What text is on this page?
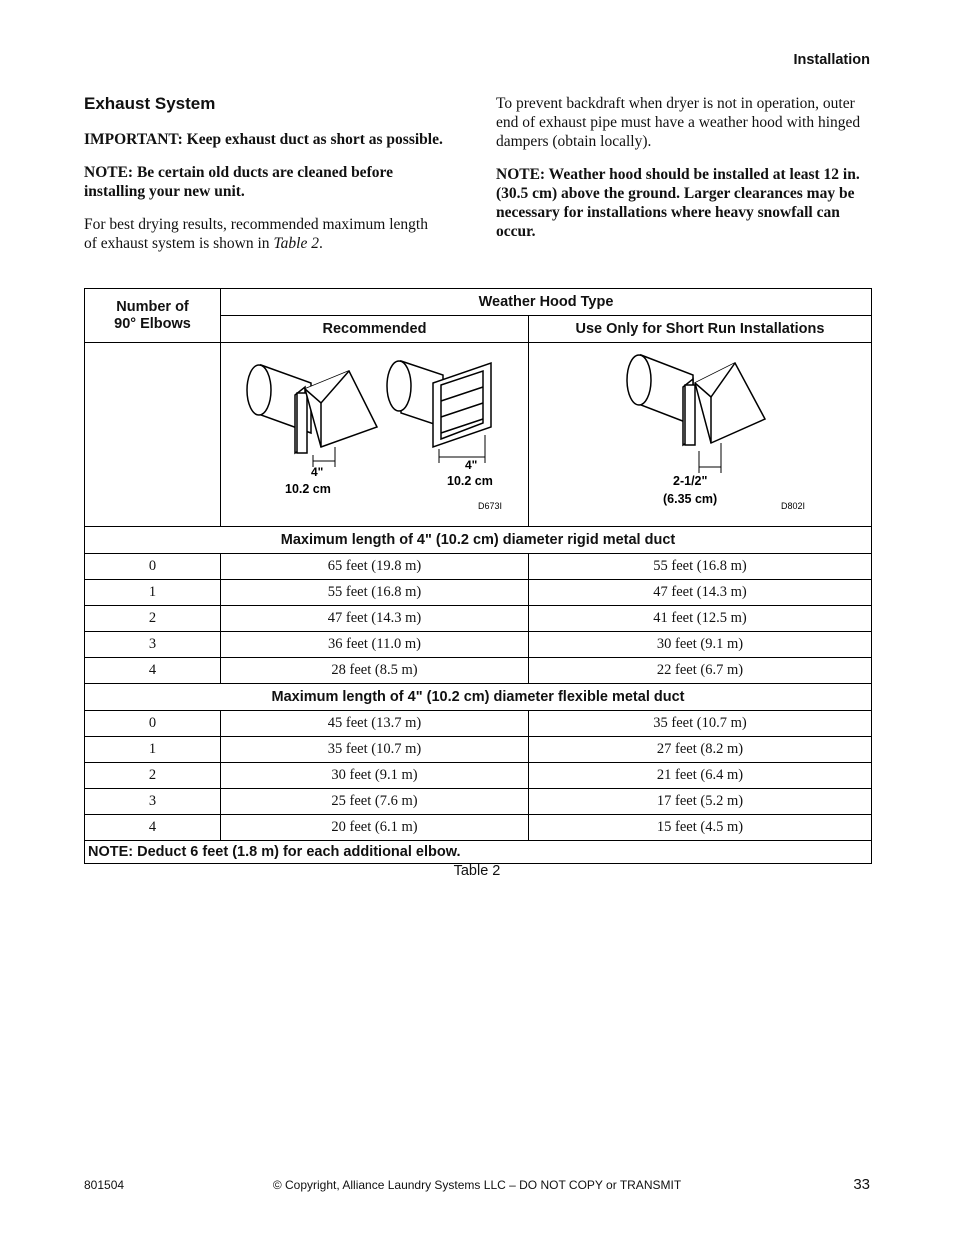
Installation
Exhaust System

IMPORTANT: Keep exhaust duct as short as possible.

NOTE: Be certain old ducts are cleaned before installing your new unit.

For best drying results, recommended maximum length of exhaust system is shown in Table 2.

To prevent backdraft when dryer is not in operation, outer end of exhaust pipe must have a weather hood with hinged dampers (obtain locally).

NOTE: Weather hood should be installed at least 12 in. (30.5 cm) above the ground. Larger clearances may be necessary for installations where heavy snowfall can occur.

Number of 90° Elbows	Weather Hood Type	
	Recommended	Use Only for Short Run Installations

4"
10.2 cm
4"
10.2 cm
D673I	2-1/2"
(6.35 cm) D802I

Maximum length of 4" (10.2 cm) diameter rigid metal duct		
0	65 feet (19.8 m)	55 feet (16.8 m)
1	55 feet (16.8 m)	47 feet (14.3 m)
2	47 feet (14.3 m)	41 feet (12.5 m)
3	36 feet (11.0 m)	30 feet (9.1 m)
4	28 feet (8.5 m)	22 feet (6.7 m)
Maximum length of 4" (10.2 cm) diameter flexible metal duct		
0	45 feet (13.7 m)	35 feet (10.7 m)
1	35 feet (10.7 m)	27 feet (8.2 m)
2	30 feet (9.1 m)	21 feet (6.4 m)
3	25 feet (7.6 m)	17 feet (5.2 m)
4	20 feet (6.1 m)	15 feet (4.5 m)
NOTE: Deduct 6 feet (1.8 m) for each additional elbow.		
Table 2
801504	© Copyright, Alliance Laundry Systems LLC – DO NOT COPY or TRANSMIT	33
